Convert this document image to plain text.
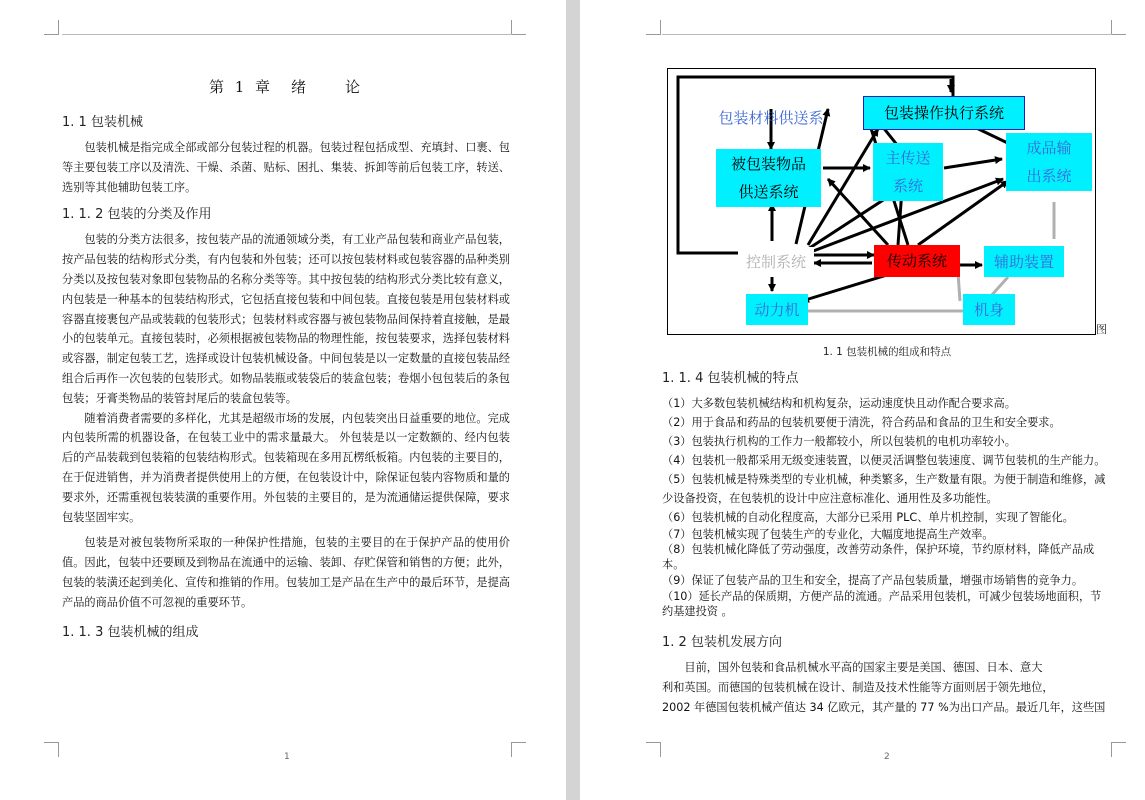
第 1 章　绪　　论
1. 1 包装机械

包装机械是指完成全部或部分包装过程的机器。包装过程包括成型、充填封、口裹、包等主要包装工序以及清洗、干燥、杀菌、贴标、困扎、集装、拆卸等前后包装工序，转送、选别等其他辅助包装工序。

1. 1. 2 包装的分类及作用

包装的分类方法很多，按包装产品的流通领域分类，有工业产品包装和商业产品包装，按产品包装的结构形式分类，有内包装和外包装；还可以按包装材料或包装容器的品种类别分类以及按包装对象即包装物品的名称分类等等。其中按包装的结构形式分类比较有意义，内包装是一种基本的包装结构形式，它包括直接包装和中间包装。直接包装是用包装材料或容器直接裹包产品或装载的包装形式；包装材料或容器与被包装物品间保持着直接触，是最小的包装单元。直接包装时，必须根据被包装物品的物理性能，按包装要求，选择包装材料或容器，制定包装工艺，选择或设计包装机械设备。中间包装是以一定数量的直接包装品经组合后再作一次包装的包装形式。如物品装瓶或装袋后的装盒包装；卷烟小包包装后的条包包装；牙膏类物品的装管封尾后的装盒包装等。

随着消费者需要的多样化，尤其是超级市场的发展，内包装突出日益重要的地位。完成内包装所需的机器设备，在包装工业中的需求量最大。 外包装是以一定数额的、经内包装后的产品装载到包装箱的包装结构形式。包装箱现在多用瓦楞纸板箱。内包装的主要目的，在于促进销售，并为消费者提供使用上的方便，在包装设计中，除保证包装内容物质和量的要求外，还需重视包装装潢的重要作用。外包装的主要目的，是为流通储运提供保障，要求包装坚固牢实。

包装是对被包装物所采取的一种保护性措施，包装的主要目的在于保护产品的使用价值。因此，包装中还要顾及到物品在流通中的运输、装卸、存贮保管和销售的方便；此外，包装的装潢还起到美化、宣传和推销的作用。包装加工是产品在生产中的最后环节，是提高产品的商品价值不可忽视的重要环节。

1. 1. 3 包装机械的组成
1	2
包装材料供送系	包装操作执行系统
被包装物品
供送系统
主传送
系统
成品输
出系统
控制系统	传动系统	辅助装置
动力机	机身
图
1. 1 包装机械的组成和特点
1. 1. 4 包装机械的特点

（1）大多数包装机械结构和机构复杂，运动速度快且动作配合要求高。

（2）用于食品和药品的包装机要便于清洗，符合药品和食品的卫生和安全要求。

（3）包装执行机构的工作力一般都较小，所以包装机的电机功率较小。

（4）包装机一般都采用无级变速装置，以便灵活调整包装速度、调节包装机的生产能力。

（5）包装机械是特殊类型的专业机械，种类繁多，生产数量有限。为便于制造和维修，减少设备投资，在包装机的设计中应注意标准化、通用性及多功能性。

（6）包装机械的自动化程度高，大部分已采用 PLC、单片机控制，实现了智能化。

（7）包装机械实现了包装生产的专业化，大幅度地提高生产效率。

（8）包装机械化降低了劳动强度，改善劳动条件，保护环境，节约原材料，降低产品成本。

（9）保证了包装产品的卫生和安全，提高了产品包装质量，增强市场销售的竞争力。

（10）延长产品的保质期，方便产品的流通。产品采用包装机，可减少包装场地面积，节约基建投资 。

1. 2 包装机发展方向

目前，国外包装和食品机械水平高的国家主要是美国、德国、日本、意大

利和英国。而德国的包装机械在设计、制造及技术性能等方面则居于领先地位，

2002 年德国包装机械产值达 34 亿欧元，其产量的 77 %为出口产品。最近几年，这些国
